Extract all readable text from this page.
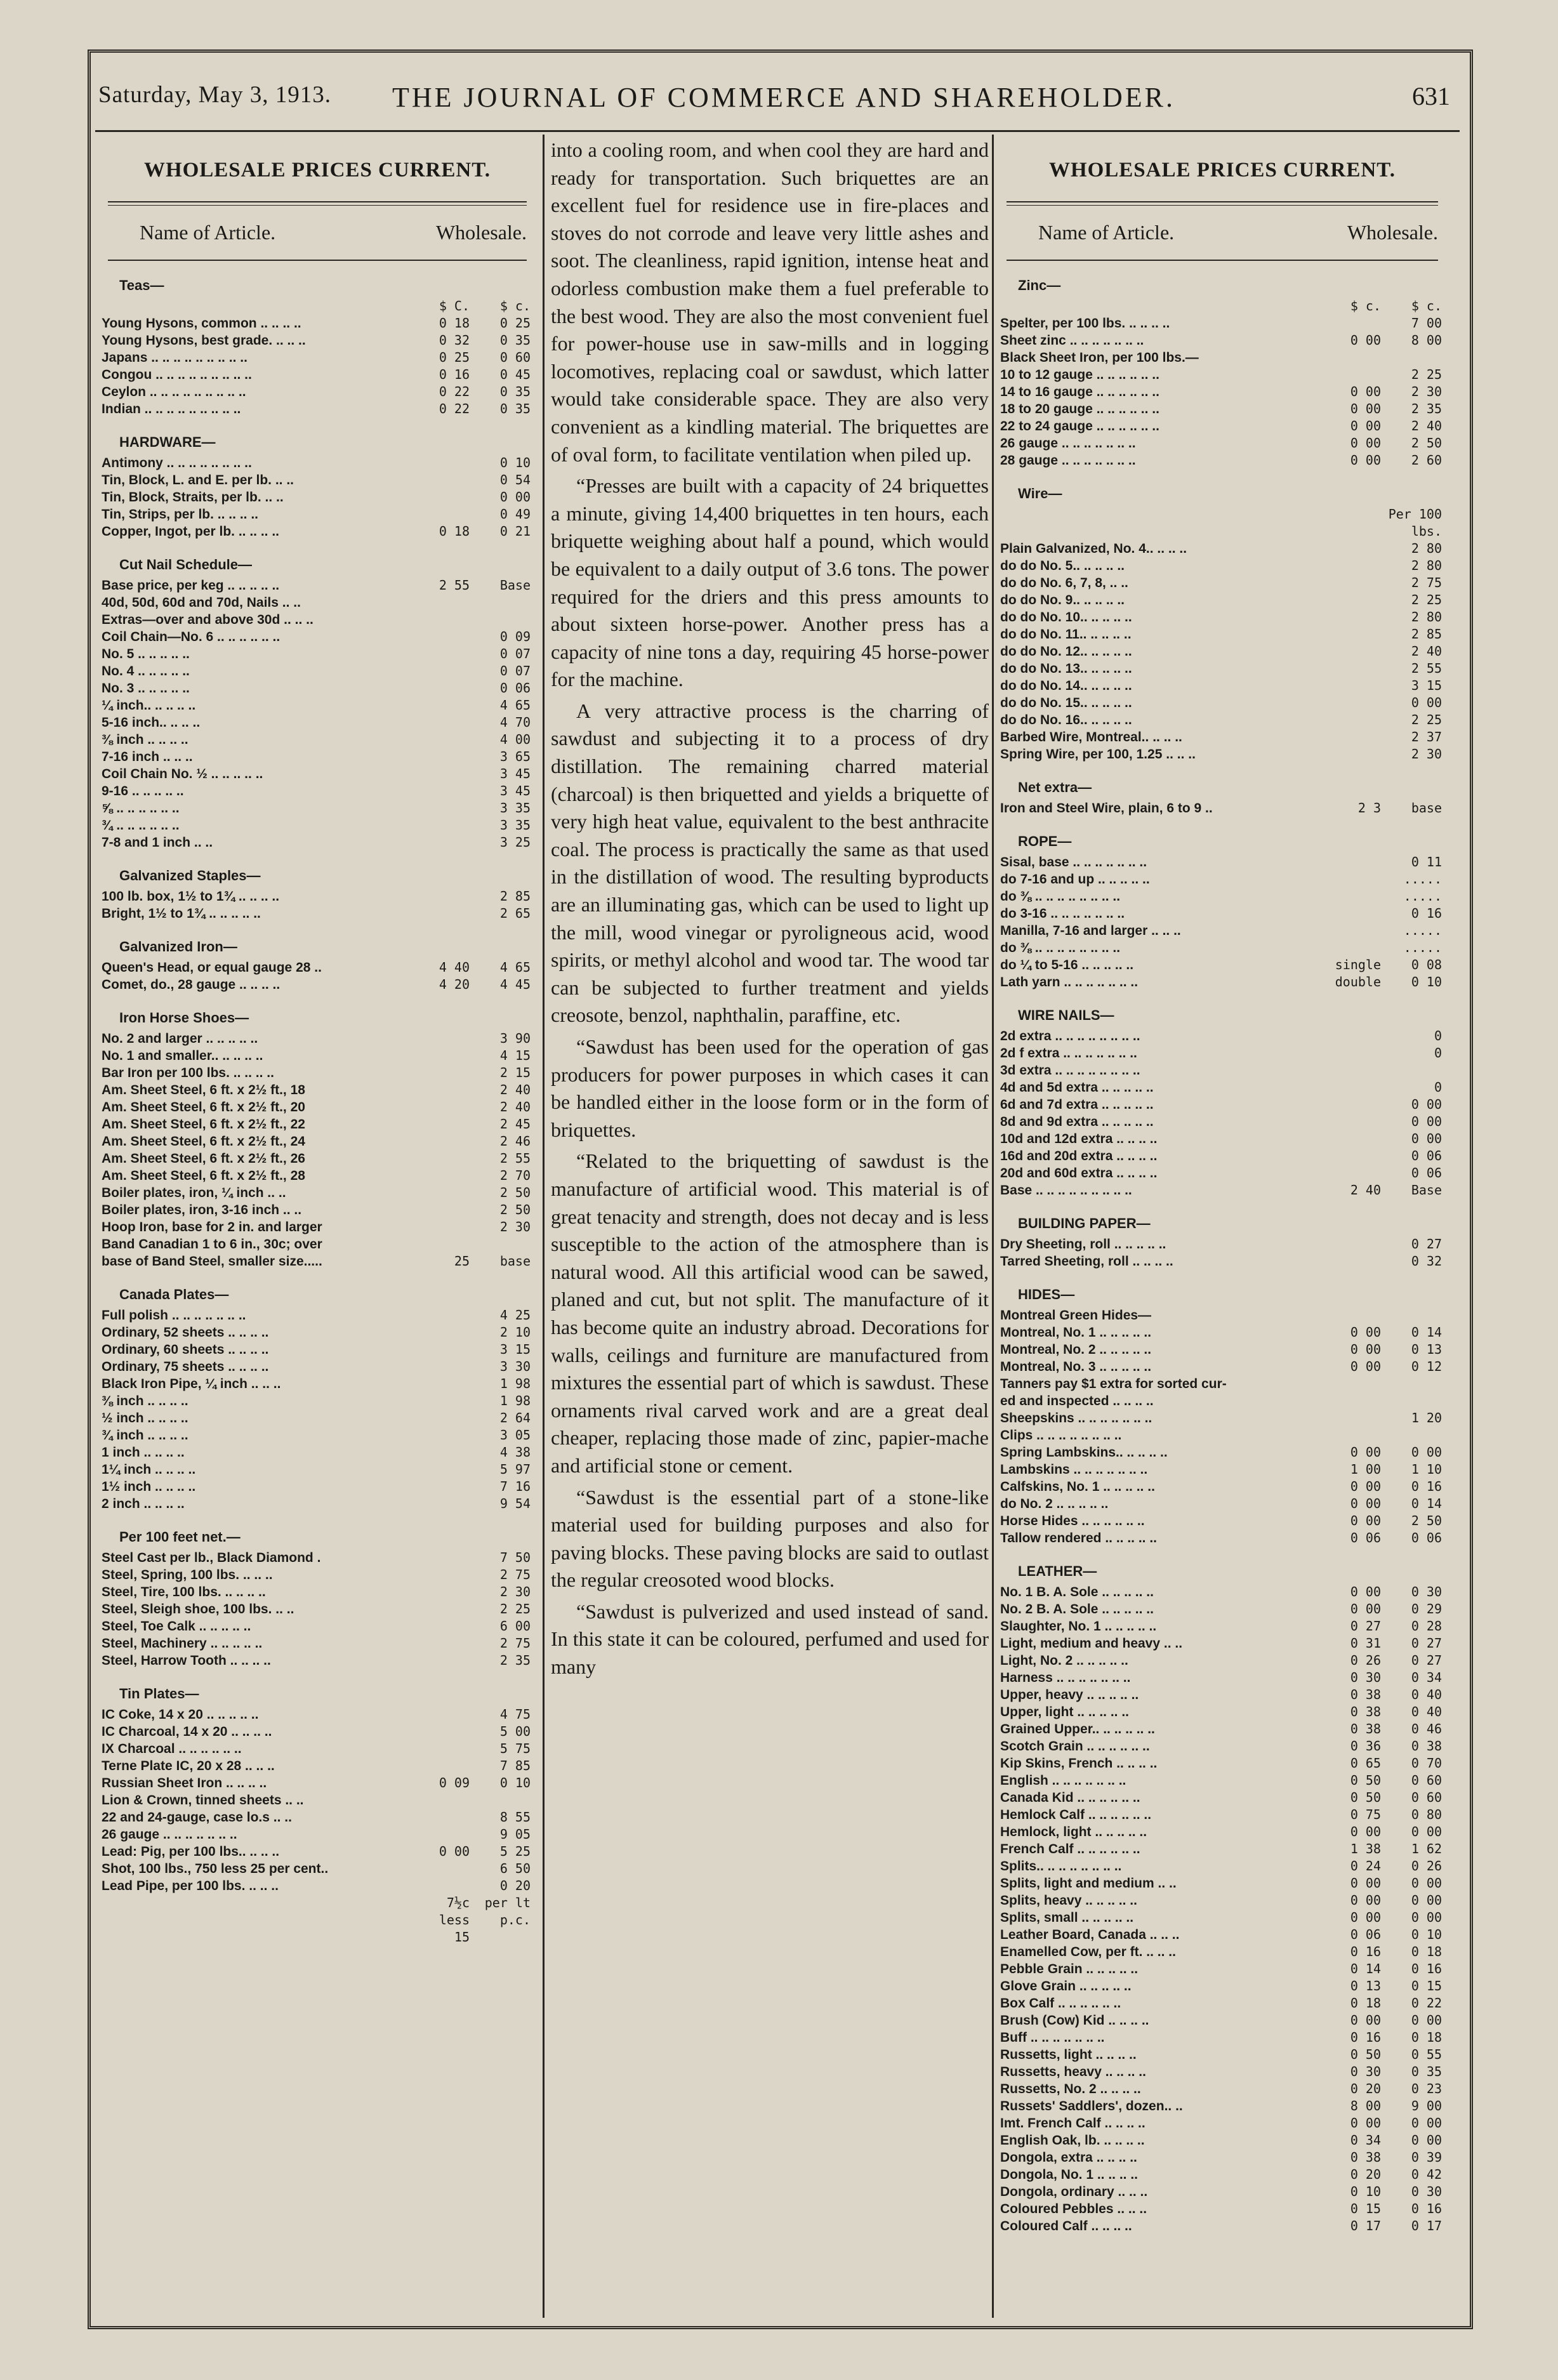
Saturday, May 3, 1913. THE JOURNAL OF COMMERCE AND SHAREHOLDER.	631
WHOLESALE PRICES CURRENT.
Name of Article.	Wholesale.
Teas—
$ C.	$ c.
Young Hysons, common .. .. .. ..	0 18	0 25
Young Hysons, best grade. .. .. ..	0 32	0 35
Japans .. .. .. .. .. .. .. .. ..	0 25	0 60
Congou .. .. .. .. .. .. .. .. ..	0 16	0 45
Ceylon .. .. .. .. .. .. .. .. ..	0 22	0 35
Indian .. .. .. .. .. .. .. .. ..	0 22	0 35
HARDWARE—
Antimony .. .. .. .. .. .. .. ..	0 10
Tin, Block, L. and E. per lb. .. ..	0 54
Tin, Block, Straits, per lb. .. ..	0 00
Tin, Strips, per lb. .. .. .. ..	0 49
Copper, Ingot, per lb. .. .. .. ..	0 18	0 21
Cut Nail Schedule—
Base price, per keg .. .. .. .. ..	2 55	Base
40d, 50d, 60d and 70d, Nails .. ..
Extras—over and above 30d .. .. ..
Coil Chain—No. 6 .. .. .. .. .. ..	0 09
No. 5 .. .. .. .. ..	0 07
No. 4 .. .. .. .. ..	0 07
No. 3 .. .. .. .. ..	0 06
¼ inch.. .. .. .. ..	4 65
5-16 inch.. .. .. ..	4 70
⅜ inch .. .. .. ..	4 00
7-16 inch .. .. ..	3 65
Coil Chain No. ½ .. .. .. .. ..	3 45
9-16 .. .. .. .. ..	3 45
⅝ .. .. .. .. .. ..	3 35
¾ .. .. .. .. .. ..	3 35
7-8 and 1 inch .. ..	3 25
Galvanized Staples—
100 lb. box, 1½ to 1¾ .. .. .. ..	2 85
Bright, 1½ to 1¾ .. .. .. .. ..	2 65
Galvanized Iron—
Queen's Head, or equal gauge 28 ..	4 40	4 65
Comet, do., 28 gauge .. .. .. ..	4 20	4 45
Iron Horse Shoes—
No. 2 and larger .. .. .. .. ..	3 90
No. 1 and smaller.. .. .. .. ..	4 15
Bar Iron per 100 lbs. .. .. .. ..	2 15
Am. Sheet Steel, 6 ft. x 2½ ft., 18	2 40
Am. Sheet Steel, 6 ft. x 2½ ft., 20	2 40
Am. Sheet Steel, 6 ft. x 2½ ft., 22	2 45
Am. Sheet Steel, 6 ft. x 2½ ft., 24	2 46
Am. Sheet Steel, 6 ft. x 2½ ft., 26	2 55
Am. Sheet Steel, 6 ft. x 2½ ft., 28	2 70
Boiler plates, iron, ¼ inch .. ..	2 50
Boiler plates, iron, 3-16 inch .. ..	2 50
Hoop Iron, base for 2 in. and larger	2 30
Band Canadian 1 to 6 in., 30c; over
base of Band Steel, smaller size.....	25	base
Canada Plates—
Full polish .. .. .. .. .. .. ..	4 25
Ordinary, 52 sheets .. .. .. ..	2 10
Ordinary, 60 sheets .. .. .. ..	3 15
Ordinary, 75 sheets .. .. .. ..	3 30
Black Iron Pipe, ¼ inch .. .. ..	1 98
⅜ inch .. .. .. ..	1 98
½ inch .. .. .. ..	2 64
¾ inch .. .. .. ..	3 05
1 inch .. .. .. ..	4 38
1¼ inch .. .. .. ..	5 97
1½ inch .. .. .. ..	7 16
2 inch .. .. .. ..	9 54
Per 100 feet net.—
Steel Cast per lb., Black Diamond .	7 50
Steel, Spring, 100 lbs. .. .. ..	2 75
Steel, Tire, 100 lbs. .. .. .. ..	2 30
Steel, Sleigh shoe, 100 lbs. .. ..	2 25
Steel, Toe Calk .. .. .. .. ..	6 00
Steel, Machinery .. .. .. .. ..	2 75
Steel, Harrow Tooth .. .. .. ..	2 35
Tin Plates—
IC Coke, 14 x 20 .. .. .. .. ..	4 75
IC Charcoal, 14 x 20 .. .. .. ..	5 00
IX Charcoal .. .. .. .. .. ..	5 75
Terne Plate IC, 20 x 28 .. .. ..	7 85
Russian Sheet Iron .. .. .. ..	0 09	0 10
Lion & Crown, tinned sheets .. ..
22 and 24-gauge, case lo.s .. ..	8 55
26 gauge .. .. .. .. .. .. ..	9 05
Lead: Pig, per 100 lbs.. .. .. ..	0 00	5 25
Shot, 100 lbs., 750 less 25 per cent..	6 50
Lead Pipe, per 100 lbs. .. .. ..	0 20
7½c	per lt
less 15
p.c.

into a cooling room, and when cool they are hard and ready for transportation. Such briquettes are an excellent fuel for residence use in fire-places and stoves do not corrode and leave very little ashes and soot. The cleanliness, rapid ignition, intense heat and odorless combustion make them a fuel preferable to the best wood. They are also the most convenient fuel for power-house use in saw-mills and in logging locomotives, replacing coal or sawdust, which latter would take considerable space. They are also very convenient as a kindling material. The briquettes are of oval form, to facilitate ventilation when piled up.

“Presses are built with a capacity of 24 briquettes a minute, giving 14,400 briquettes in ten hours, each briquette weighing about half a pound, which would be equivalent to a daily output of 3.6 tons. The power required for the driers and this press amounts to about sixteen horse-power. Another press has a capacity of nine tons a day, requiring 45 horse-power for the machine.

A very attractive process is the charring of sawdust and subjecting it to a process of dry distillation. The remaining charred material (charcoal) is then briquetted and yields a briquette of very high heat value, equivalent to the best anthracite coal. The process is practically the same as that used in the distillation of wood. The resulting byproducts are an illuminating gas, which can be used to light up the mill, wood vinegar or pyroligneous acid, wood spirits, or methyl alcohol and wood tar. The wood tar can be subjected to further treatment and yields creosote, benzol, naphthalin, paraffine, etc.

“Sawdust has been used for the operation of gas producers for power purposes in which cases it can be handled either in the loose form or in the form of briquettes.

“Related to the briquetting of sawdust is the manufacture of artificial wood. This material is of great tenacity and strength, does not decay and is less susceptible to the action of the atmosphere than is natural wood. All this artificial wood can be sawed, planed and cut, but not split. The manufacture of it has become quite an industry abroad. Decorations for walls, ceilings and furniture are manufactured from mixtures the essential part of which is sawdust. These ornaments rival carved work and are a great deal cheaper, replacing those made of zinc, papier-mache and artificial stone or cement.

“Sawdust is the essential part of a stone-like material used for building purposes and also for paving blocks. These paving blocks are said to outlast the regular creosoted wood blocks.

“Sawdust is pulverized and used instead of sand. In this state it can be coloured, perfumed and used for many

WHOLESALE PRICES CURRENT.
Name of Article.	Wholesale.
Zinc—
$ c.	$ c.
Spelter, per 100 lbs. .. .. .. ..	7 00
Sheet zinc .. .. .. .. .. .. ..	0 00	8 00
Black Sheet Iron, per 100 lbs.—
10 to 12 gauge .. .. .. .. .. ..	2 25
14 to 16 gauge .. .. .. .. .. ..	0 00	2 30
18 to 20 gauge .. .. .. .. .. ..	0 00	2 35
22 to 24 gauge .. .. .. .. .. ..	0 00	2 40
26 gauge .. .. .. .. .. .. ..	0 00	2 50
28 gauge .. .. .. .. .. .. ..	0 00	2 60
Wire—
Per 100 lbs.
Plain Galvanized, No. 4.. .. .. ..	2 80
do do No. 5.. .. .. .. ..	2 80
do do No. 6, 7, 8, .. ..	2 75
do do No. 9.. .. .. .. ..	2 25
do do No. 10.. .. .. .. ..	2 80
do do No. 11.. .. .. .. ..	2 85
do do No. 12.. .. .. .. ..	2 40
do do No. 13.. .. .. .. ..	2 55
do do No. 14.. .. .. .. ..	3 15
do do No. 15.. .. .. .. ..	0 00
do do No. 16.. .. .. .. ..	2 25
Barbed Wire, Montreal.. .. .. ..	2 37
Spring Wire, per 100, 1.25 .. .. ..	2 30
Net extra—
Iron and Steel Wire, plain, 6 to 9 ..	2 3	base
ROPE—
Sisal, base .. .. .. .. .. .. ..	0 11
do 7-16 and up .. .. .. .. ..	.....
do ⅜ .. .. .. .. .. .. .. ..	.....
do 3-16 .. .. .. .. .. .. ..	0 16
Manilla, 7-16 and larger .. .. ..	.....
do ⅜ .. .. .. .. .. .. .. ..	.....
do ¼ to 5-16 .. .. .. .. ..	single	0 08
Lath yarn .. .. .. .. .. .. ..	double	0 10
WIRE NAILS—
2d extra .. .. .. .. .. .. .. ..	0
2d f extra .. .. .. .. .. .. ..	0
3d extra .. .. .. .. .. .. .. ..
4d and 5d extra .. .. .. .. ..	0
6d and 7d extra .. .. .. .. ..	0 00
8d and 9d extra .. .. .. .. ..	0 00
10d and 12d extra .. .. .. ..	0 00
16d and 20d extra .. .. .. ..	0 06
20d and 60d extra .. .. .. ..	0 06
Base .. .. .. .. .. .. .. .. ..	2 40	Base
BUILDING PAPER—
Dry Sheeting, roll .. .. .. .. ..	0 27
Tarred Sheeting, roll .. .. .. ..	0 32
HIDES—
Montreal Green Hides—
Montreal, No. 1 .. .. .. .. ..	0 00	0 14
Montreal, No. 2 .. .. .. .. ..	0 00	0 13
Montreal, No. 3 .. .. .. .. ..	0 00	0 12
Tanners pay $1 extra for sorted cur-
ed and inspected .. .. .. ..
Sheepskins .. .. .. .. .. .. ..	1 20
Clips .. .. .. .. .. .. .. ..
Spring Lambskins.. .. .. .. ..	0 00	0 00
Lambskins .. .. .. .. .. .. ..	1 00	1 10
Calfskins, No. 1 .. .. .. .. ..	0 00	0 16
do No. 2 .. .. .. .. ..	0 00	0 14
Horse Hides .. .. .. .. .. ..	0 00	2 50
Tallow rendered .. .. .. .. ..	0 06	0 06
LEATHER—
No. 1 B. A. Sole .. .. .. .. ..	0 00	0 30
No. 2 B. A. Sole .. .. .. .. ..	0 00	0 29
Slaughter, No. 1 .. .. .. .. ..	0 27	0 28
Light, medium and heavy .. ..	0 31	0 27
Light, No. 2 .. .. .. .. ..	0 26	0 27
Harness .. .. .. .. .. .. ..	0 30	0 34
Upper, heavy .. .. .. .. ..	0 38	0 40
Upper, light .. .. .. .. ..	0 38	0 40
Grained Upper.. .. .. .. .. ..	0 38	0 46
Scotch Grain .. .. .. .. .. ..	0 36	0 38
Kip Skins, French .. .. .. ..	0 65	0 70
English .. .. .. .. .. .. ..	0 50	0 60
Canada Kid .. .. .. .. .. ..	0 50	0 60
Hemlock Calf .. .. .. .. .. ..	0 75	0 80
Hemlock, light .. .. .. .. ..	0 00	0 00
French Calf .. .. .. .. .. ..	1 38	1 62
Splits.. .. .. .. .. .. .. ..	0 24	0 26
Splits, light and medium .. ..	0 00	0 00
Splits, heavy .. .. .. .. ..	0 00	0 00
Splits, small .. .. .. .. ..	0 00	0 00
Leather Board, Canada .. .. ..	0 06	0 10
Enamelled Cow, per ft. .. .. ..	0 16	0 18
Pebble Grain .. .. .. .. ..	0 14	0 16
Glove Grain .. .. .. .. ..	0 13	0 15
Box Calf .. .. .. .. .. ..	0 18	0 22
Brush (Cow) Kid .. .. .. ..	0 00	0 00
Buff .. .. .. .. .. .. ..	0 16	0 18
Russetts, light .. .. .. ..	0 50	0 55
Russetts, heavy .. .. .. ..	0 30	0 35
Russetts, No. 2 .. .. .. ..	0 20	0 23
Russets' Saddlers', dozen.. ..	8 00	9 00
Imt. French Calf .. .. .. ..	0 00	0 00
English Oak, lb. .. .. .. ..	0 34	0 00
Dongola, extra .. .. .. ..	0 38	0 39
Dongola, No. 1 .. .. .. ..	0 20	0 42
Dongola, ordinary .. .. ..	0 10	0 30
Coloured Pebbles .. .. ..	0 15	0 16
Coloured Calf .. .. .. ..	0 17	0 17
